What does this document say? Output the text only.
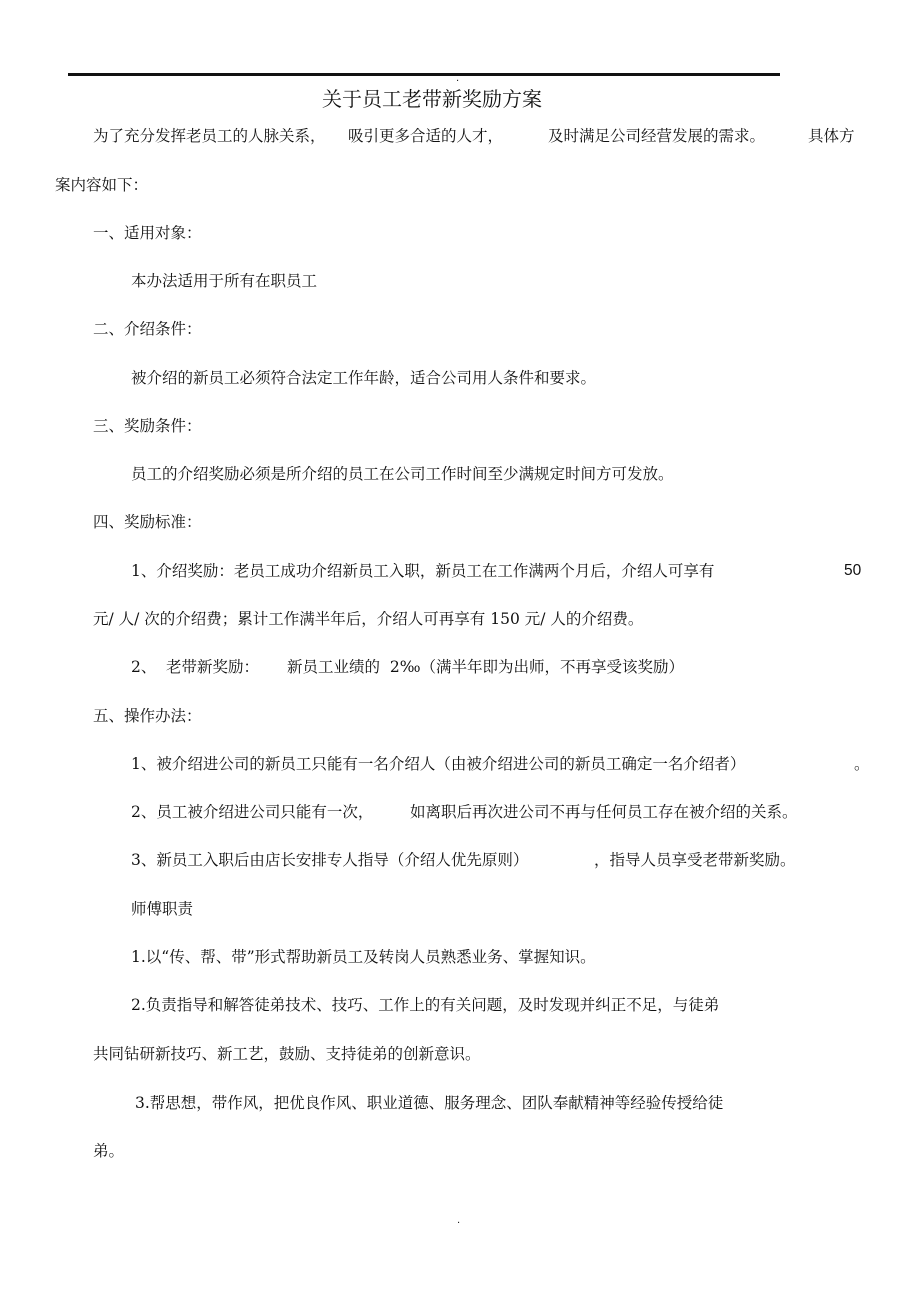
.
关于员工老带新奖励方案
为了充分发挥老员工的人脉关系， 吸引更多合适的人才，	及时满足公司经营发展的需求。	具体方
案内容如下：
一、适用对象：
本办法适用于所有在职员工
二、介绍条件：
被介绍的新员工必须符合法定工作年龄，适合公司用人条件和要求。
三、奖励条件：
员工的介绍奖励必须是所介绍的员工在公司工作时间至少满规定时间方可发放。
四、奖励标准：
1、介绍奖励：老员工成功介绍新员工入职，新员工在工作满两个月后，介绍人可享有	50
元/ 人/ 次的介绍费；累计工作满半年后，介绍人可再享有 150 元/ 人的介绍费。
2、 老带新奖励： 新员工业绩的  2‰（满半年即为出师，不再享受该奖励）
五、操作办法：
1、被介绍进公司的新员工只能有一名介绍人（由被介绍进公司的新员工确定一名介绍者）	。
2、员工被介绍进公司只能有一次， 如离职后再次进公司不再与任何员工存在被介绍的关系。
3、新员工入职后由店长安排专人指导（介绍人优先原则）	，指导人员享受老带新奖励。
师傅职责
1.以“传、帮、带”形式帮助新员工及转岗人员熟悉业务、掌握知识。
2.负责指导和解答徒弟技术、技巧、工作上的有关问题，及时发现并纠正不足，与徒弟
共同钻研新技巧、新工艺，鼓励、支持徒弟的创新意识。
3.帮思想，带作风，把优良作风、职业道德、服务理念、团队奉献精神等经验传授给徒
弟。
.
